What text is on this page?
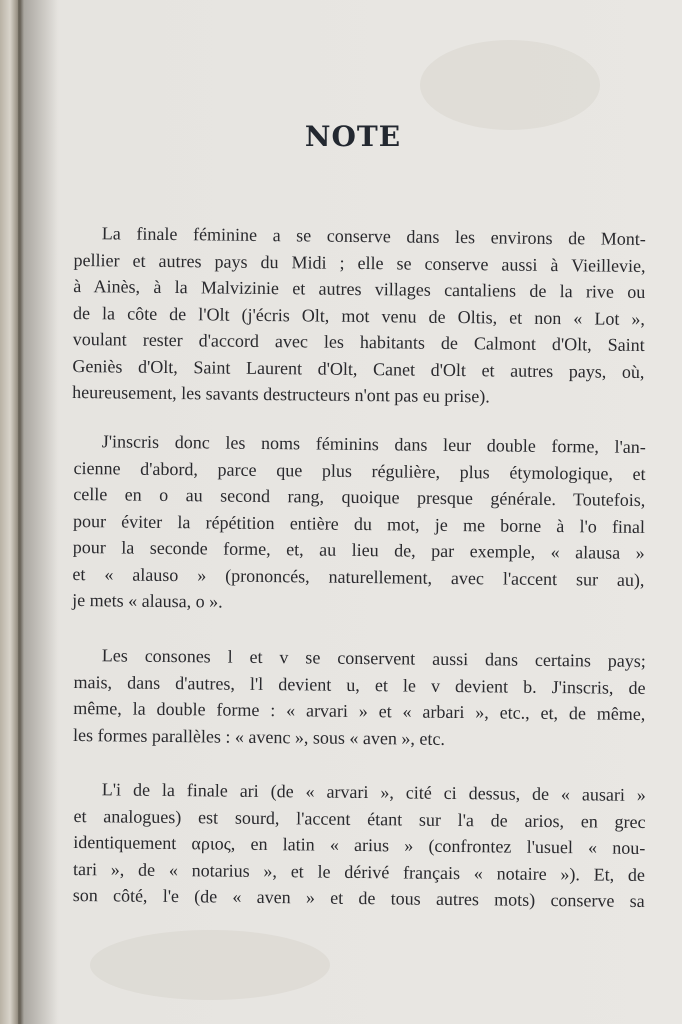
NOTE
La finale féminine a se conserve dans les environs de Mont-
pellier et autres pays du Midi ; elle se conserve aussi à Vieillevie,
à Ainès, à la Malvizinie et autres villages cantaliens de la rive ou
de la côte de l'Olt (j'écris Olt, mot venu de Oltis, et non « Lot »,
voulant rester d'accord avec les habitants de Calmont d'Olt, Saint
Geniès d'Olt, Saint Laurent d'Olt, Canet d'Olt et autres pays, où,
heureusement, les savants destructeurs n'ont pas eu prise).
J'inscris donc les noms féminins dans leur double forme, l'an-
cienne d'abord, parce que plus régulière, plus étymologique, et
celle en o au second rang, quoique presque générale. Toutefois,
pour éviter la répétition entière du mot, je me borne à l'o final
pour la seconde forme, et, au lieu de, par exemple, « alausa »
et « alauso » (prononcés, naturellement, avec l'accent sur au),
je mets « alausa, o ».
Les consones l et v se conservent aussi dans certains pays;
mais, dans d'autres, l'l devient u, et le v devient b. J'inscris, de
même, la double forme : « arvari » et « arbari », etc., et, de même,
les formes parallèles : « avenc », sous « aven », etc.
L'i de la finale ari (de « arvari », cité ci dessus, de « ausari »
et analogues) est sourd, l'accent étant sur l'a de arios, en grec
identiquement αριος, en latin « arius » (confrontez l'usuel « nou-
tari », de « notarius », et le dérivé français « notaire »). Et, de
son côté, l'e (de « aven » et de tous autres mots) conserve sa
